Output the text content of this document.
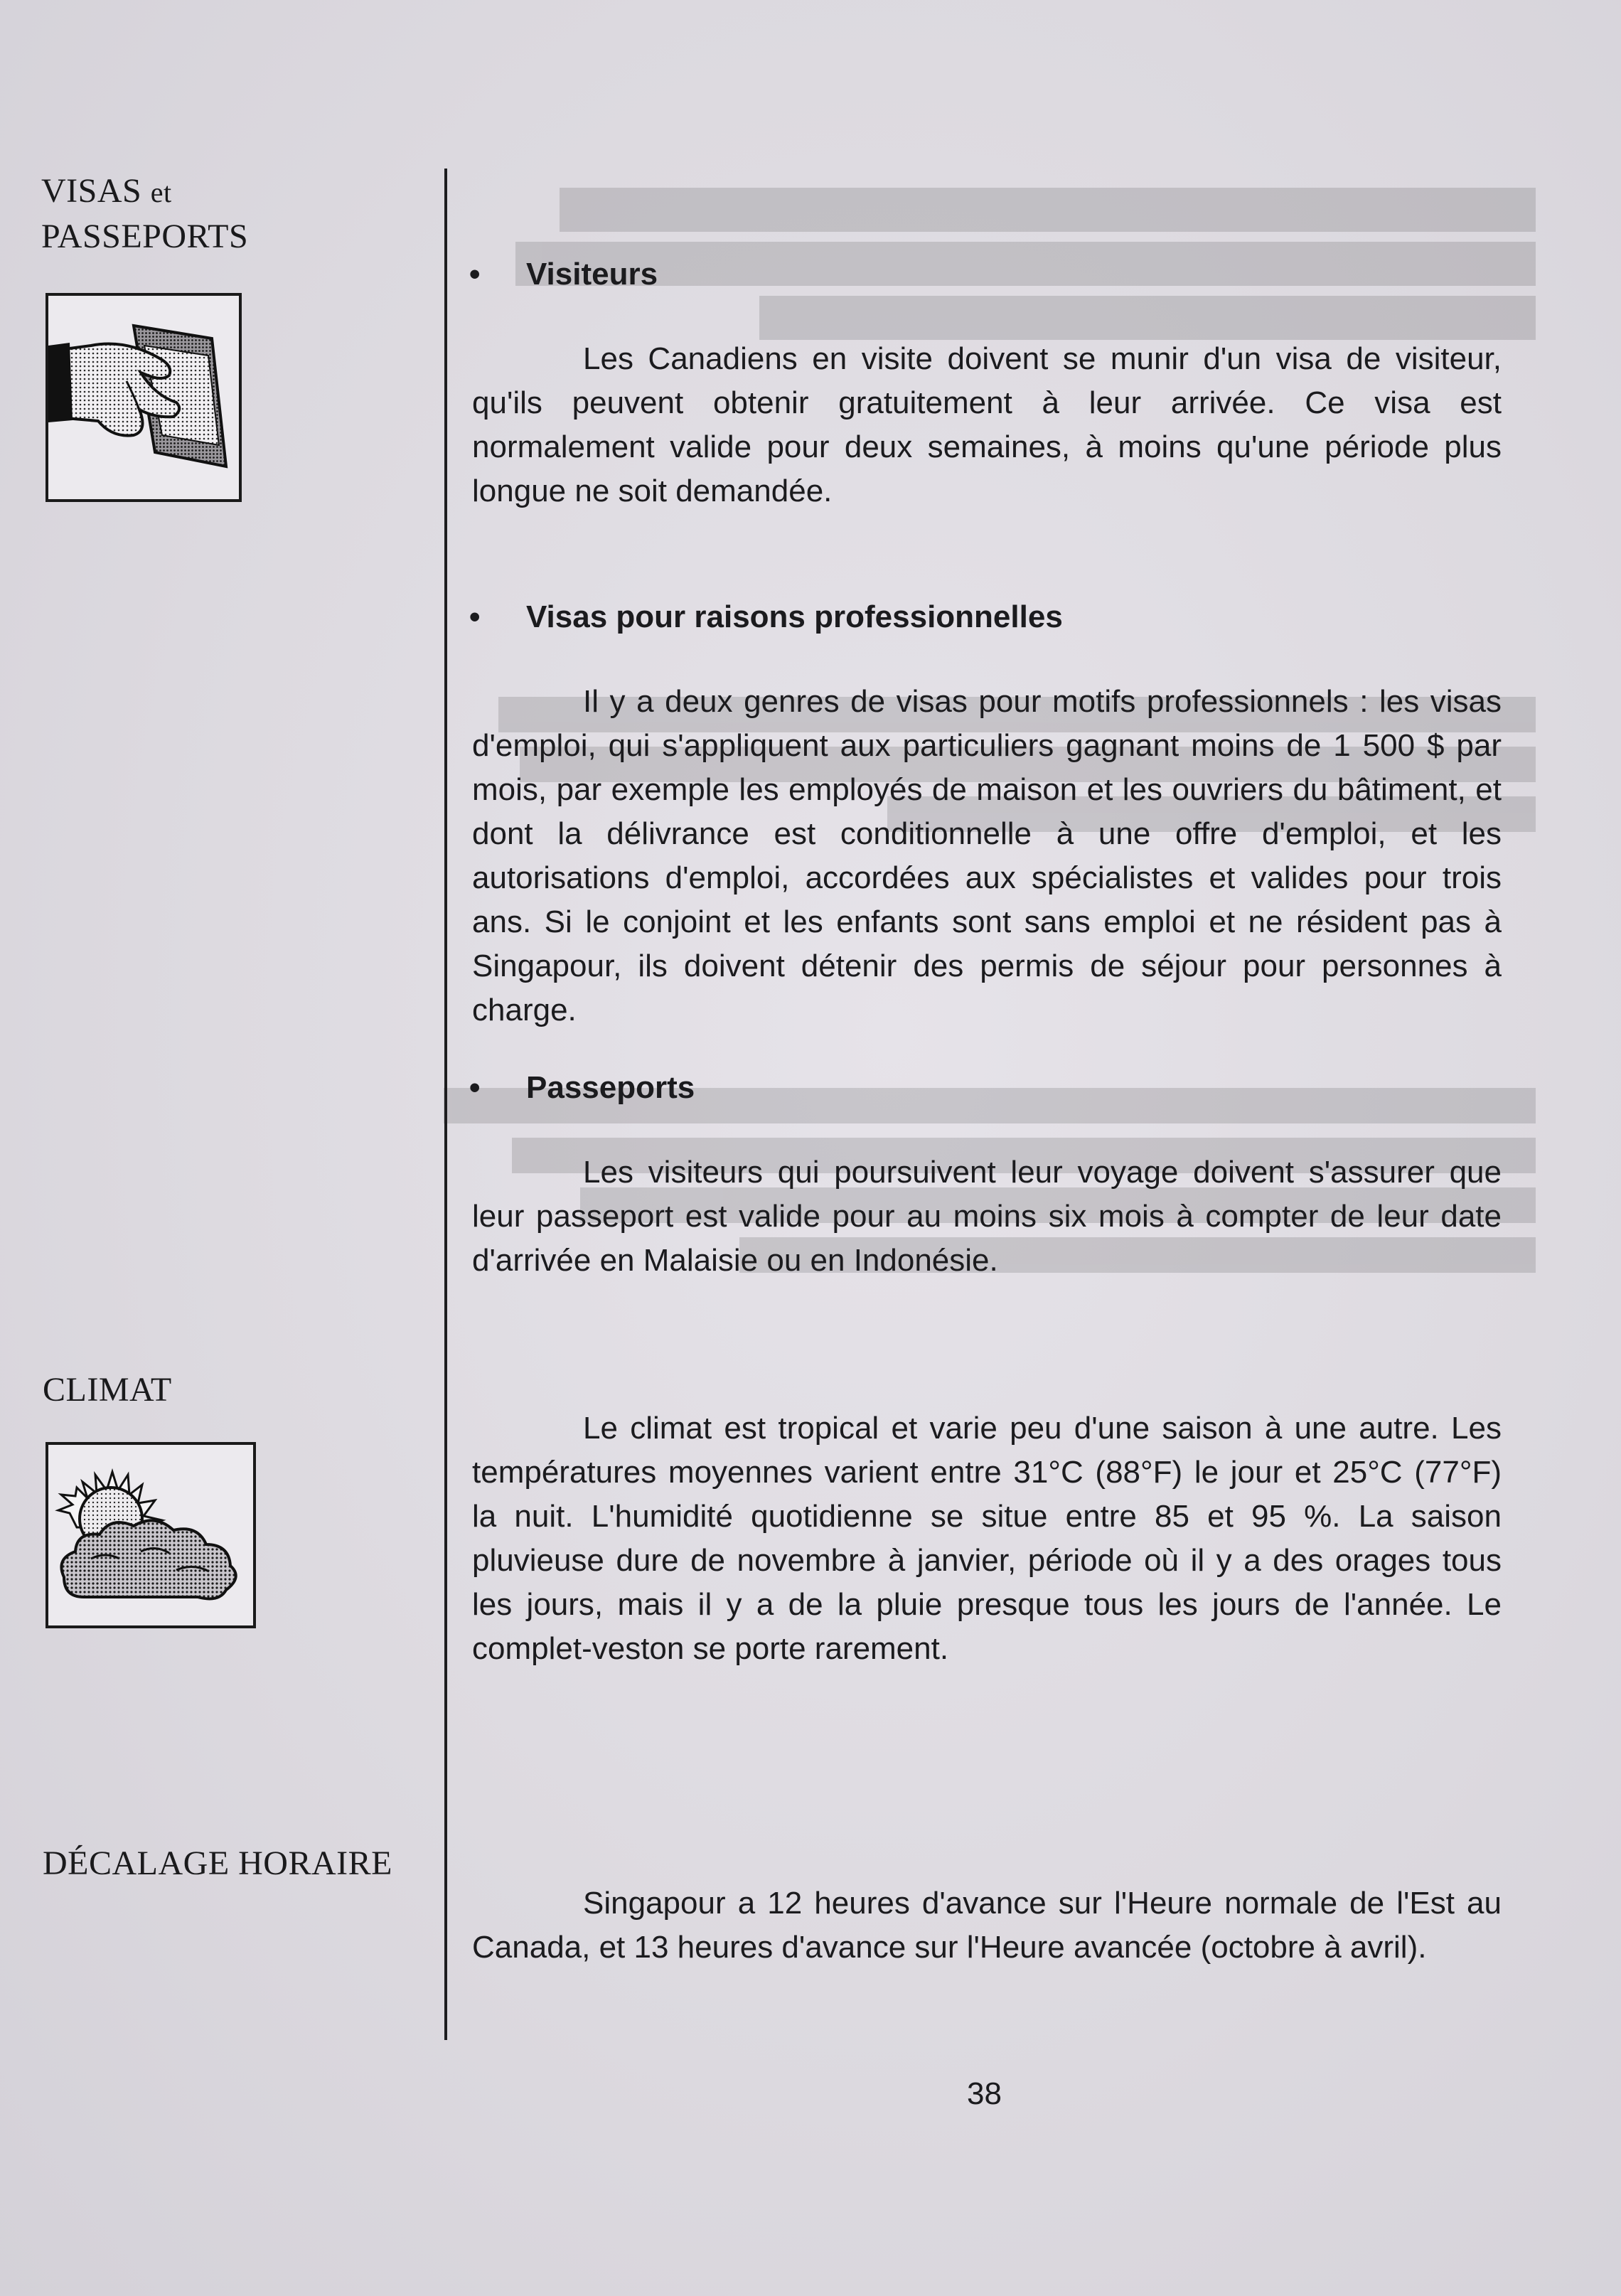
VISAS et
PASSEPORTS
CLIMAT
DÉCALAGE HORAIRE
• Visiteurs
Les Canadiens en visite doivent se munir d'un visa de visiteur, qu'ils peuvent obtenir gratuitement à leur arrivée. Ce visa est normalement valide pour deux semaines, à moins qu'une période plus longue ne soit demandée.
• Visas pour raisons professionnelles
Il y a deux genres de visas pour motifs professionnels : les visas d'emploi, qui s'appliquent aux particuliers gagnant moins de 1 500 $ par mois, par exemple les employés de maison et les ouvriers du bâtiment, et dont la délivrance est conditionnelle à une offre d'emploi, et les autorisations d'emploi, accordées aux spécialistes et valides pour trois ans. Si le conjoint et les enfants sont sans emploi et ne résident pas à Singapour, ils doivent détenir des permis de séjour pour personnes à charge.
• Passeports
Les visiteurs qui poursuivent leur voyage doivent s'assurer que leur passeport est valide pour au moins six mois à compter de leur date d'arrivée en Malaisie ou en Indonésie.
Le climat est tropical et varie peu d'une saison à une autre. Les températures moyennes varient entre 31°C (88°F) le jour et 25°C (77°F) la nuit. L'humidité quotidienne se situe entre 85 et 95 %. La saison pluvieuse dure de novembre à janvier, période où il y a des orages tous les jours, mais il y a de la pluie presque tous les jours de l'année. Le complet-veston se porte rarement.
Singapour a 12 heures d'avance sur l'Heure normale de l'Est au Canada, et 13 heures d'avance sur l'Heure avancée (octobre à avril).
38
